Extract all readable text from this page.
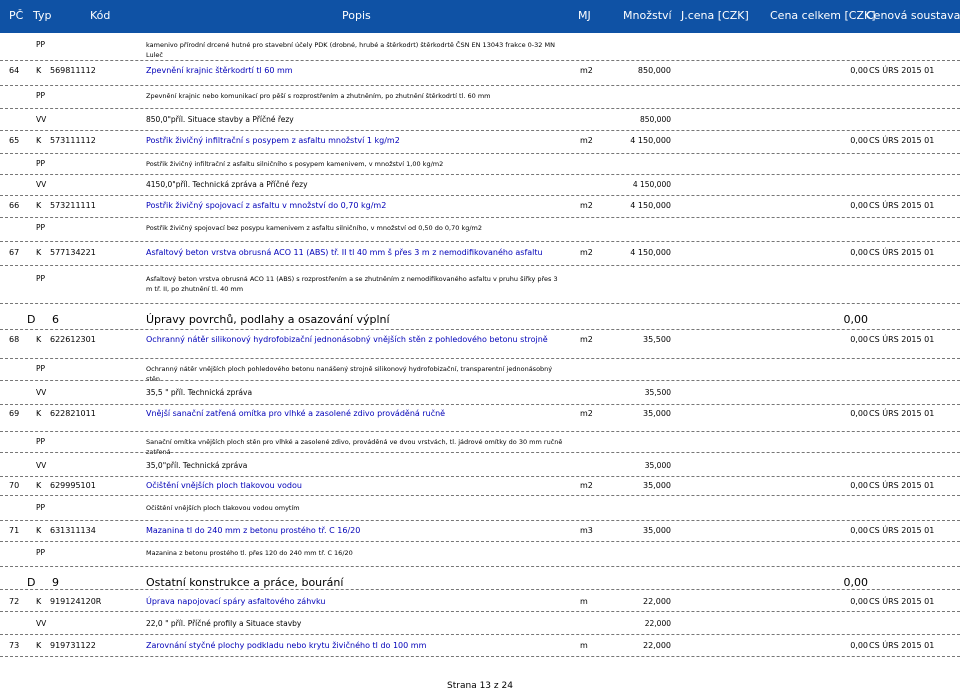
PČ Typ	Kód	Popis	MJ	Množství J.cena [CZK] Cena celkem [CZK]
Cenová soustava
PP	kamenivo přírodní drcené hutné pro stavební účely PDK (drobné, hrubé a štěrkodrt) štěrkodrtě ČSN EN 13043 frakce 0-32 MN Luleč
64 K 569811112	Zpevnění krajnic štěrkodrtí tl 60 mm	m2	850,000	0,00 CS ÚRS 2015 01
PP	Zpevnění krajnic nebo komunikací pro pěší s rozprostřením a zhutněním, po zhutnění štěrkodrtí tl. 60 mm
VV	850,0"příl. Situace stavby a Příčné řezy	850,000
65 K 573111112	Postřik živičný infiltrační s posypem z asfaltu množství 1 kg/m2	m2	4 150,000	0,00 CS ÚRS 2015 01
PP	Postřik živičný infiltrační z asfaltu silničního s posypem kamenivem, v množství 1,00 kg/m2
VV	4150,0"příl. Technická zpráva a Příčné řezy	4 150,000
66 K 573211111	Postřik živičný spojovací z asfaltu v množství do 0,70 kg/m2	m2	4 150,000	0,00 CS ÚRS 2015 01
PP	Postřik živičný spojovací bez posypu kamenivem z asfaltu silničního, v množství od 0,50 do 0,70 kg/m2
67 K 577134221	Asfaltový beton vrstva obrusná ACO 11 (ABS) tř. II tl 40 mm š přes 3 m z nemodifikovaného asfaltu	m2	4 150,000	0,00 CS ÚRS 2015 01
PP	Asfaltový beton vrstva obrusná ACO 11 (ABS) s rozprostřením a se zhutněním z nemodifikovaného asfaltu v pruhu šířky přes 3 m tř. II, po zhutnění tl. 40 mm
D 6	Úpravy povrchů, podlahy a osazování výplní	0,00
68 K 622612301	Ochranný nátěr silikonový hydrofobizační jednonásobný vnějších stěn z pohledového betonu strojně	m2	35,500	0,00 CS ÚRS 2015 01
PP	Ochranný nátěr vnějších ploch pohledového betonu nanášený strojně silikonový hydrofobizační, transparentní jednonásobný stěn
VV	35,5 " příl. Technická zpráva	35,500
69 K 622821011	Vnější sanační zatřená omítka pro vlhké a zasolené zdivo prováděná ručně	m2	35,000	0,00 CS ÚRS 2015 01
PP	Sanační omítka vnějších ploch stěn pro vlhké a zasolené zdivo, prováděná ve dvou vrstvách, tl. jádrové omítky do 30 mm ručně zatřená
VV	35,0"příl. Technická zpráva	35,000
70 K 629995101	Očištění vnějších ploch tlakovou vodou	m2	35,000	0,00 CS ÚRS 2015 01
PP	Očištění vnějších ploch tlakovou vodou omytím
71 K 631311134	Mazanina tl do 240 mm z betonu prostého tř. C 16/20	m3	35,000	0,00 CS ÚRS 2015 01
PP	Mazanina z betonu prostého tl. přes 120 do 240 mm tř. C 16/20
D 9	Ostatní konstrukce a práce, bourání	0,00
72 K 919124120R	Úprava napojovací spáry asfaltového záhvku	m	22,000	0,00 CS ÚRS 2015 01
VV	22,0 " příl. Příčné profily a Situace stavby	22,000
73 K 919731122	Zarovnání styčné plochy podkladu nebo krytu živičného tl do 100 mm	m	22,000	0,00 CS ÚRS 2015 01
Strana 13 z 24
